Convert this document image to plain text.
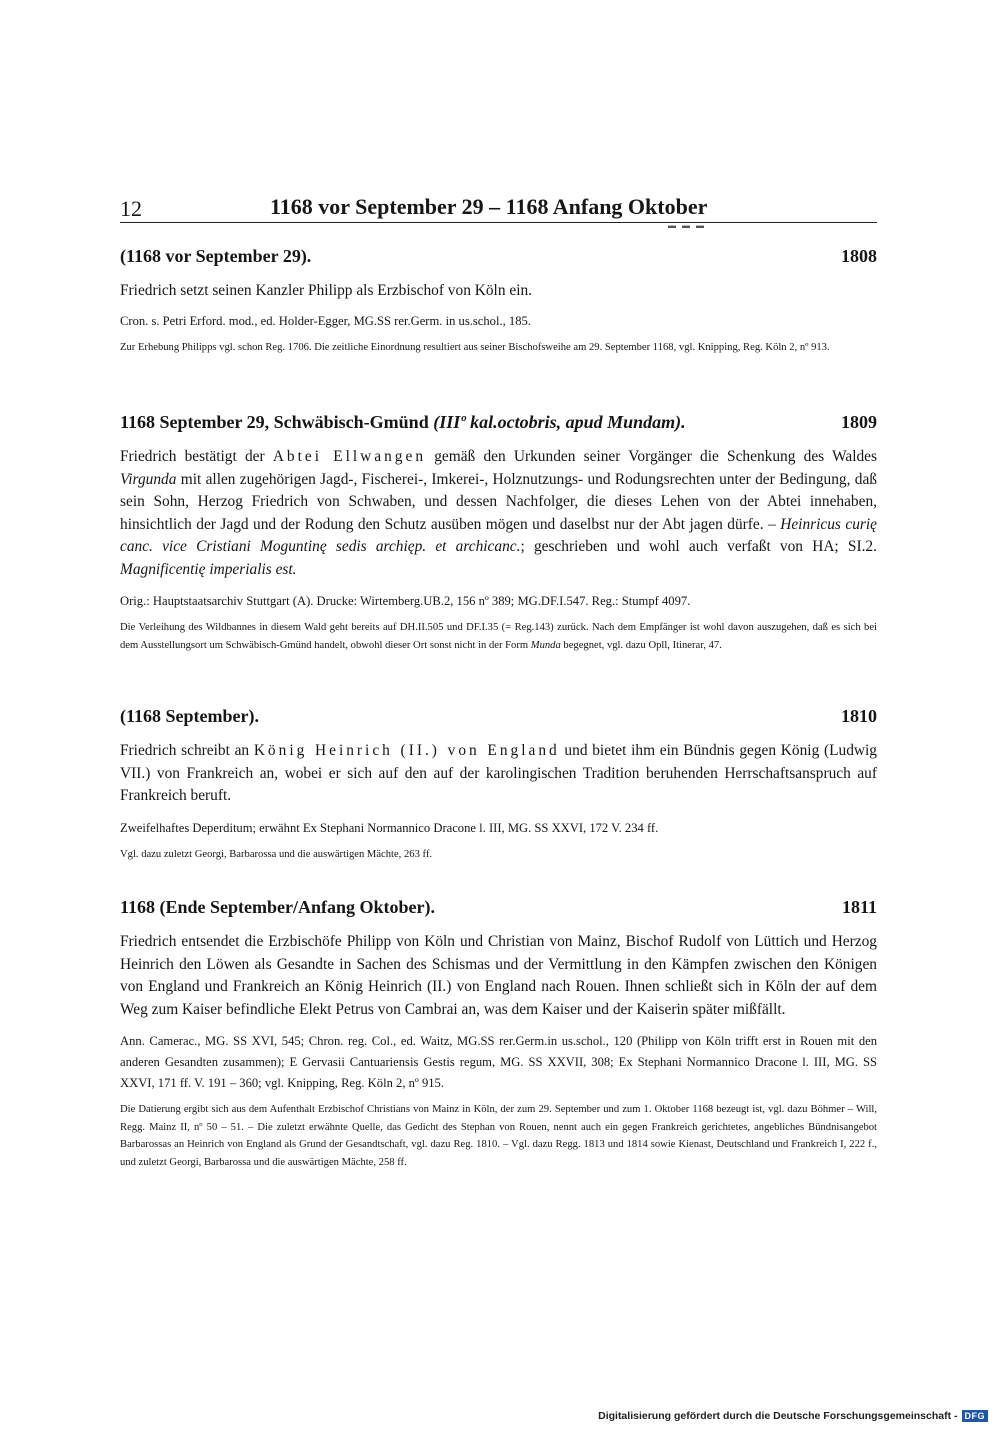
12	1168 vor September 29 – 1168 Anfang Oktober
▬ ▬ ▬
(1168 vor September 29).	1808

Friedrich setzt seinen Kanzler Philipp als Erzbischof von Köln ein.

Cron. s. Petri Erford. mod., ed. Holder-Egger, MG.SS rer.Germ. in us.schol., 185.

Zur Erhebung Philipps vgl. schon Reg. 1706. Die zeitliche Einordnung resultiert aus seiner Bischofsweihe am 29. September 1168, vgl. Knipping, Reg. Köln 2, nº 913.

1168 September 29, Schwäbisch-Gmünd (IIIº kal.octobris, apud Mundam).	1809

Friedrich bestätigt der Abtei Ellwangen gemäß den Urkunden seiner Vorgänger die Schenkung des Waldes Virgunda mit allen zugehörigen Jagd-, Fischerei-, Imkerei-, Holznutzungs- und Rodungsrechten unter der Bedingung, daß sein Sohn, Herzog Friedrich von Schwaben, und dessen Nachfolger, die dieses Lehen von der Abtei innehaben, hinsichtlich der Jagd und der Rodung den Schutz ausüben mögen und daselbst nur der Abt jagen dürfe. – Heinricus curię canc. vice Cristiani Moguntinę sedis archięp. et archicanc.; geschrieben und wohl auch verfaßt von HA; SI.2. Magnificentię imperialis est.

Orig.: Hauptstaatsarchiv Stuttgart (A). Drucke: Wirtemberg.UB.2, 156 nº 389; MG.DF.I.547. Reg.: Stumpf 4097.

Die Verleihung des Wildbannes in diesem Wald geht bereits auf DH.II.505 und DF.I.35 (= Reg.143) zurück. Nach dem Empfänger ist wohl davon auszugehen, daß es sich bei dem Ausstellungsort um Schwäbisch-Gmünd handelt, obwohl dieser Ort sonst nicht in der Form Munda begegnet, vgl. dazu Opll, Itinerar, 47.

(1168 September).	1810

Friedrich schreibt an König Heinrich (II.) von England und bietet ihm ein Bündnis gegen König (Ludwig VII.) von Frankreich an, wobei er sich auf den auf der karolingischen Tradition beruhenden Herrschaftsanspruch auf Frankreich beruft.

Zweifelhaftes Deperditum; erwähnt Ex Stephani Normannico Dracone l. III, MG. SS XXVI, 172 V. 234 ff.

Vgl. dazu zuletzt Georgi, Barbarossa und die auswärtigen Mächte, 263 ff.

1168 (Ende September/Anfang Oktober).	1811

Friedrich entsendet die Erzbischöfe Philipp von Köln und Christian von Mainz, Bischof Rudolf von Lüttich und Herzog Heinrich den Löwen als Gesandte in Sachen des Schismas und der Vermittlung in den Kämpfen zwischen den Königen von England und Frankreich an König Heinrich (II.) von England nach Rouen. Ihnen schließt sich in Köln der auf dem Weg zum Kaiser befindliche Elekt Petrus von Cambrai an, was dem Kaiser und der Kaiserin später mißfällt.

Ann. Camerac., MG. SS XVI, 545; Chron. reg. Col., ed. Waitz, MG.SS rer.Germ.in us.schol., 120 (Philipp von Köln trifft erst in Rouen mit den anderen Gesandten zusammen); E Gervasii Cantuariensis Gestis regum, MG. SS XXVII, 308; Ex Stephani Normannico Dracone l. III, MG. SS XXVI, 171 ff. V. 191 – 360; vgl. Knipping, Reg. Köln 2, nº 915.

Die Datierung ergibt sich aus dem Aufenthalt Erzbischof Christians von Mainz in Köln, der zum 29. September und zum 1. Oktober 1168 bezeugt ist, vgl. dazu Böhmer – Will, Regg. Mainz II, nº 50 – 51. – Die zuletzt erwähnte Quelle, das Gedicht des Stephan von Rouen, nennt auch ein gegen Frankreich gerichtetes, angebliches Bündnisangebot Barbarossas an Heinrich von England als Grund der Gesandtschaft, vgl. dazu Reg. 1810. – Vgl. dazu Regg. 1813 und 1814 sowie Kienast, Deutschland und Frankreich I, 222 f., und zuletzt Georgi, Barbarossa und die auswärtigen Mächte, 258 ff.

Digitalisierung gefördert durch die Deutsche Forschungsgemeinschaft - DFG
